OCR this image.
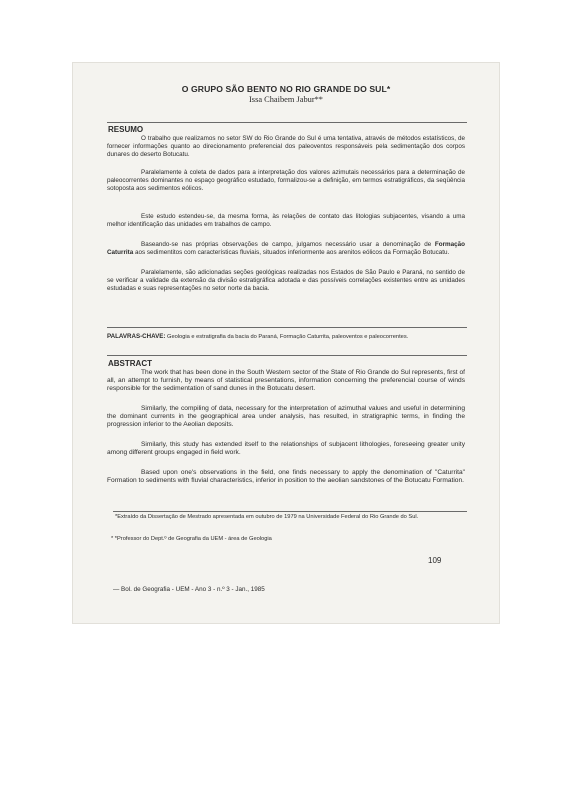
O GRUPO SÃO BENTO NO RIO GRANDE DO SUL*
Issa Chaibem Jabur**
RESUMO

O trabalho que realizamos no setor SW do Rio Grande do Sul é uma tentativa, através de métodos estatísticos, de fornecer informações quanto ao direcionamento preferencial dos paleoventos responsáveis pela sedimentação dos corpos dunares do deserto Botucatu.

Paralelamente à coleta de dados para a interpretação dos valores azimutais necessários para a determinação de paleocorrentes dominantes no espaço geográfico estudado, formalizou-se a definição, em termos estratigráficos, da seqüência sotoposta aos sedimentos eólicos.

Este estudo estendeu-se, da mesma forma, às relações de contato das litologias subjacentes, visando a uma melhor identificação das unidades em trabalhos de campo.

Baseando-se nas próprias observações de campo, julgamos necessário usar a denominação de Formação Caturrita aos sedimentitos com características fluviais, situados inferiormente aos arenitos eólicos da Formação Botucatu.

Paralelamente, são adicionadas seções geológicas realizadas nos Estados de São Paulo e Paraná, no sentido de se verificar a validade da extensão da divisão estratigráfica adotada e das possíveis correlações existentes entre as unidades estudadas e suas representações no setor norte da bacia.

PALAVRAS-CHAVE: Geologia e estratigrafia da bacia do Paraná, Formação Caturrita, paleoventos e paleocorrentes.

ABSTRACT

The work that has been done in the South Western sector of the State of Rio Grande do Sul represents, first of all, an attempt to furnish, by means of statistical presentations, information concerning the preferencial course of winds responsible for the sedimentation of sand dunes in the Botucatu desert.

Similarly, the compiling of data, necessary for the interpretation of azimuthal values and useful in determining the dominant currents in the geographical area under analysis, has resulted, in stratigraphic terms, in finding the progression inferior to the Aeolian deposits.

Similarly, this study has extended itself to the relationships of subjacent lithologies, foreseeing greater unity among different groups engaged in field work.

Based upon one's observations in the field, one finds necessary to apply the denomination of "Caturrita" Formation to sediments with fluvial characteristics, inferior in position to the aeolian sandstones of the Botucatu Formation.

*Extraído da Dissertação de Mestrado apresentada em outubro de 1979 na Universidade Federal do Rio Grande do Sul.

* *Professor do Dept.º de Geografia da UEM - área de Geologia

— Bol. de Geografia - UEM - Ano 3 - n.º 3 - Jan., 1985
109
